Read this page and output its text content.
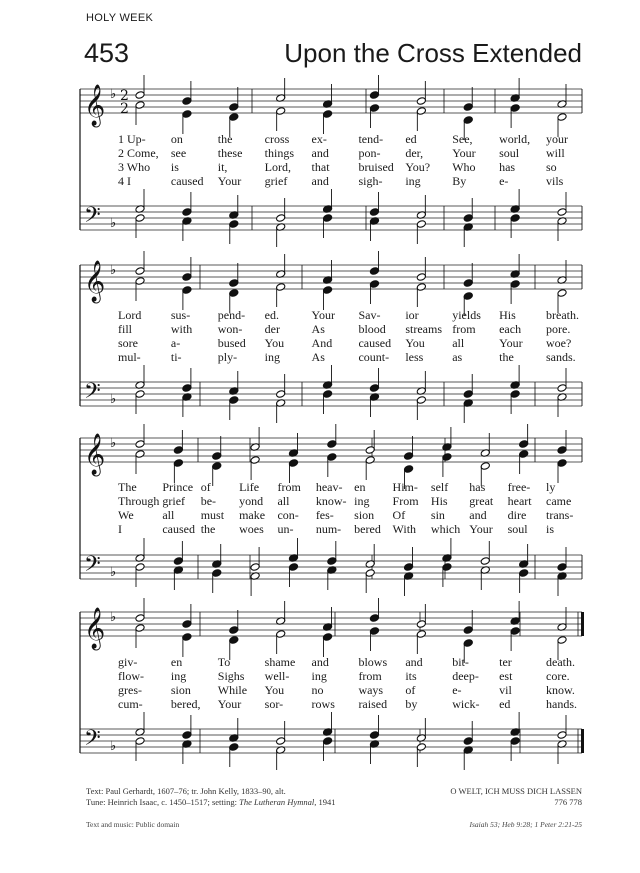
HOLY WEEK
453	Upon the Cross Extended
𝄞
𝄢
♭
♭
2
2
𝄞
𝄢
♭
♭
𝄞
𝄢
♭
♭
𝄞
𝄢
♭
♭
1 Up- on	the	cross ex-	tend- ed	See, world, your
2 Come, see	these things and pon- der, Your soul will
3 Who is	it,	Lord, that bruised You? Who has	so
4 I	caused Your grief and sigh- ing	By	e-	vils
Lord sus- pend- ed.	Your Sav- ior	yields His	breath.
fill	with won- der	As	blood streams from each pore.
sore	a-	bused You And caused You all	Your woe?
mul-	ti-	ply- ing	As	count- less as	the	sands.
The Prince of Life from heav- en Him- self has free- ly
Through grief be- yond all know- ing From His great heart came
We all must make con- fes- sion Of sin and dire trans-
I	caused the woes un- num- bered With which Your soul is
giv-	en	To	shame and blows and bit-	ter	death.
flow- ing	Sighs well- ing	from its	deep- est	core.
gres- sion While You no	ways of	e-	vil	know.
cum- bered, Your sor- rows raised by	wick- ed	hands.
Text: Paul Gerhardt, 1607–76; tr. John Kelly, 1833–90, alt.
Tune: Heinrich Isaac, c. 1450–1517; setting: The Lutheran Hymnal, 1941
O WELT, ICH MUSS DICH LASSEN
776 778
Text and music: Public domain	Isaiah 53; Heb 9:28; 1 Peter 2:21-25
